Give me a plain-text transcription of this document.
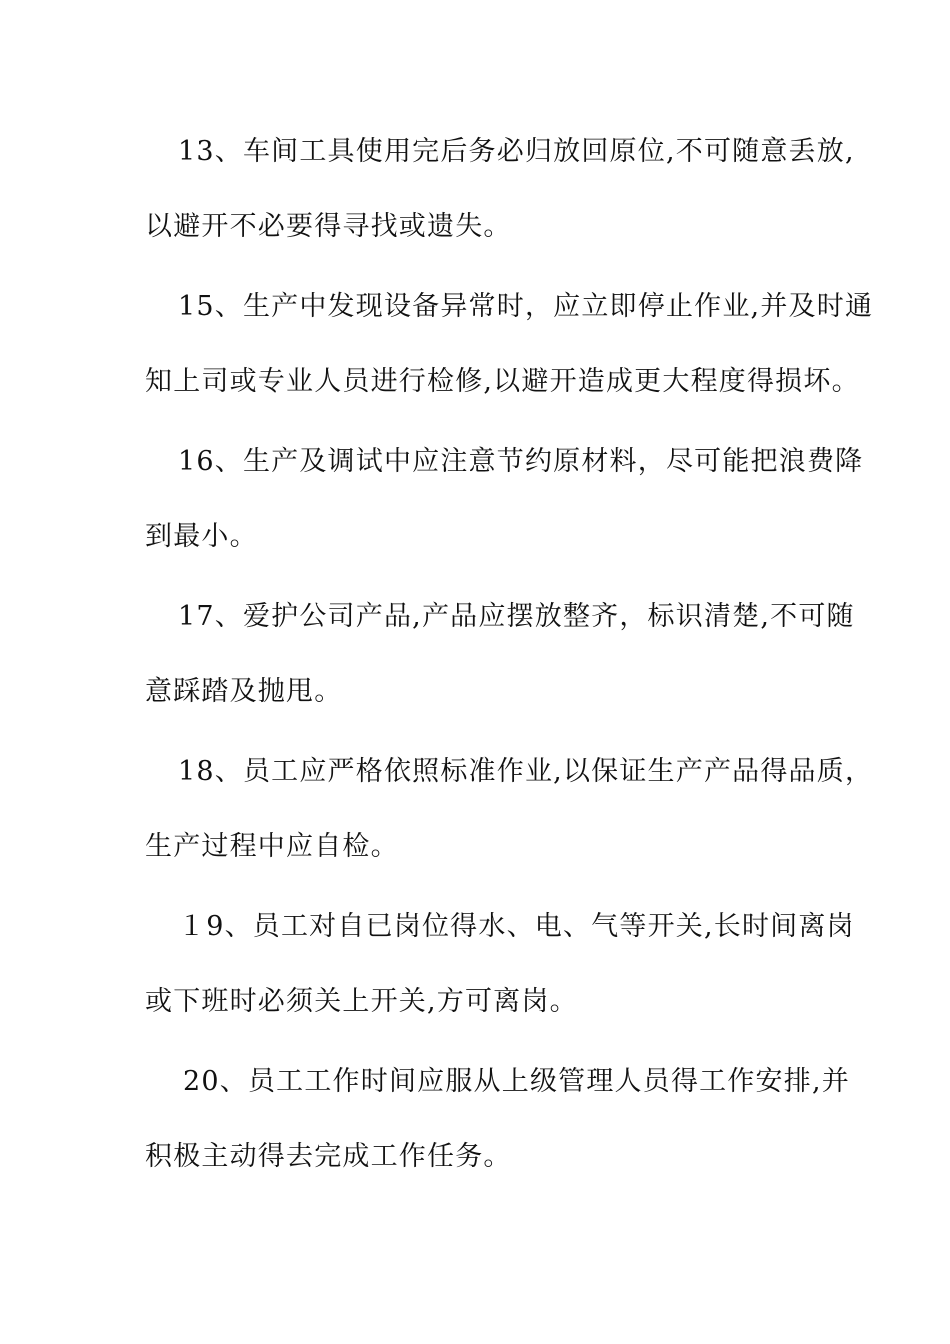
13、车间工具使用完后务必归放回原位,不可随意丢放,
以避开不必要得寻找或遗失。
15、生产中发现设备异常时，应立即停止作业,并及时通
知上司或专业人员进行检修,以避开造成更大程度得损坏。
16、生产及调试中应注意节约原材料，尽可能把浪费降
到最小。
17、爱护公司产品,产品应摆放整齐，标识清楚,不可随
意踩踏及抛甩。
18、员工应严格依照标准作业,以保证生产产品得品质，
生产过程中应自检。
１9、员工对自已岗位得水、电、气等开关,长时间离岗
或下班时必须关上开关,方可离岗。
20、员工工作时间应服从上级管理人员得工作安排,并
积极主动得去完成工作任务。
